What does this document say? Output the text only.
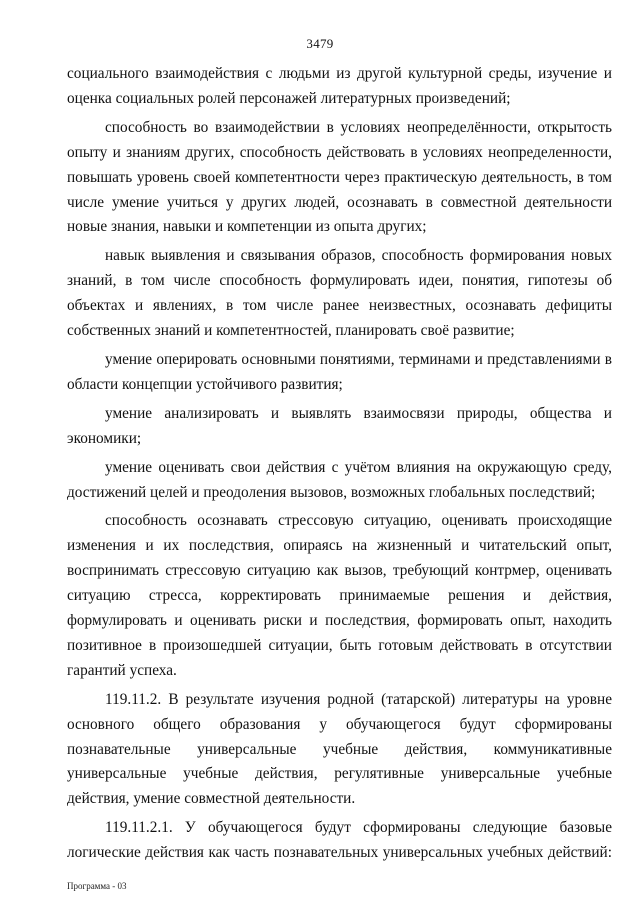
3479

социального взаимодействия с людьми из другой культурной среды, изучение и оценка социальных ролей персонажей литературных произведений;

способность во взаимодействии в условиях неопределённости, открытость опыту и знаниям других, способность действовать в условиях неопределенности, повышать уровень своей компетентности через практическую деятельность, в том числе умение учиться у других людей, осознавать в совместной деятельности новые знания, навыки и компетенции из опыта других;

навык выявления и связывания образов, способность формирования новых знаний, в том числе способность формулировать идеи, понятия, гипотезы об объектах и явлениях, в том числе ранее неизвестных, осознавать дефициты собственных знаний и компетентностей, планировать своё развитие;

умение оперировать основными понятиями, терминами и представлениями в области концепции устойчивого развития;

умение анализировать и выявлять взаимосвязи природы, общества и экономики;

умение оценивать свои действия с учётом влияния на окружающую среду, достижений целей и преодоления вызовов, возможных глобальных последствий;

способность осознавать стрессовую ситуацию, оценивать происходящие изменения и их последствия, опираясь на жизненный и читательский опыт, воспринимать стрессовую ситуацию как вызов, требующий контрмер, оценивать ситуацию стресса, корректировать принимаемые решения и действия, формулировать и оценивать риски и последствия, формировать опыт, находить позитивное в произошедшей ситуации, быть готовым действовать в отсутствии гарантий успеха.

119.11.2. В результате изучения родной (татарской) литературы на уровне основного общего образования у обучающегося будут сформированы познавательные универсальные учебные действия, коммуникативные универсальные учебные действия, регулятивные универсальные учебные действия, умение совместной деятельности.

119.11.2.1. У обучающегося будут сформированы следующие базовые логические действия как часть познавательных универсальных учебных действий:

Программа - 03
